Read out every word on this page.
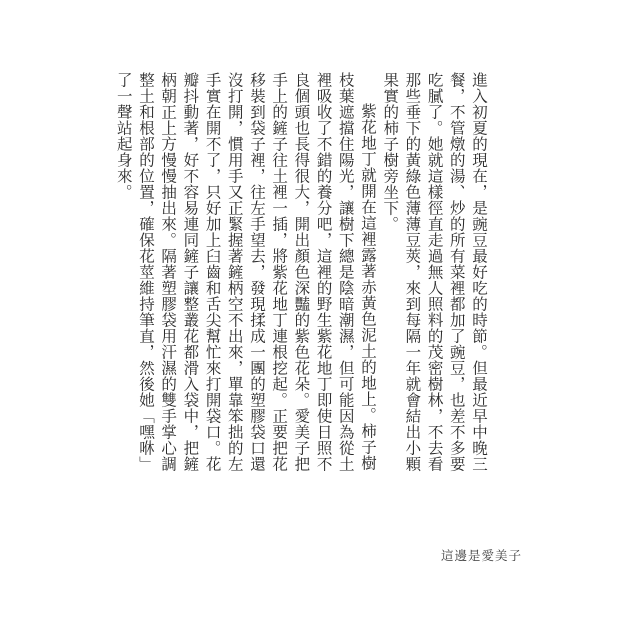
進入初夏的現在，是豌豆最好吃的時節。但最近早中晚三餐，不管燉的湯、炒的所有菜裡都加了豌豆，也差不多要吃膩了。她就這樣徑直走過無人照料的茂密樹林，不去看那些垂下的黃綠色薄薄豆莢，來到每隔一年就會結出小顆果實的柿子樹旁坐下。

紫花地丁就開在這裡露著赤黃色泥土的地上。柿子樹枝葉遮擋住陽光，讓樹下總是陰暗潮濕，但可能因為從土裡吸收了不錯的養分吧，這裡的野生紫花地丁即使日照不良個頭也長得很大，開出顏色深豔的紫色花朵。愛美子把手上的鏟子往土裡一插，將紫花地丁連根挖起。正要把花移裝到袋子裡，往左手望去，發現揉成一團的塑膠袋口還沒打開，慣用手又正緊握著鏟柄空不出來，單靠笨拙的左手實在開不了，只好加上臼齒和舌尖幫忙來打開袋口。花瓣抖動著，好不容易連同鏟子讓整叢花都滑入袋中，把鏟柄朝正上方慢慢抽出來。隔著塑膠袋用汗濕的雙手掌心調整土和根部的位置，確保花莖維持筆直，然後她「嘿咻」了一聲站起身來。

這邊是愛美子
